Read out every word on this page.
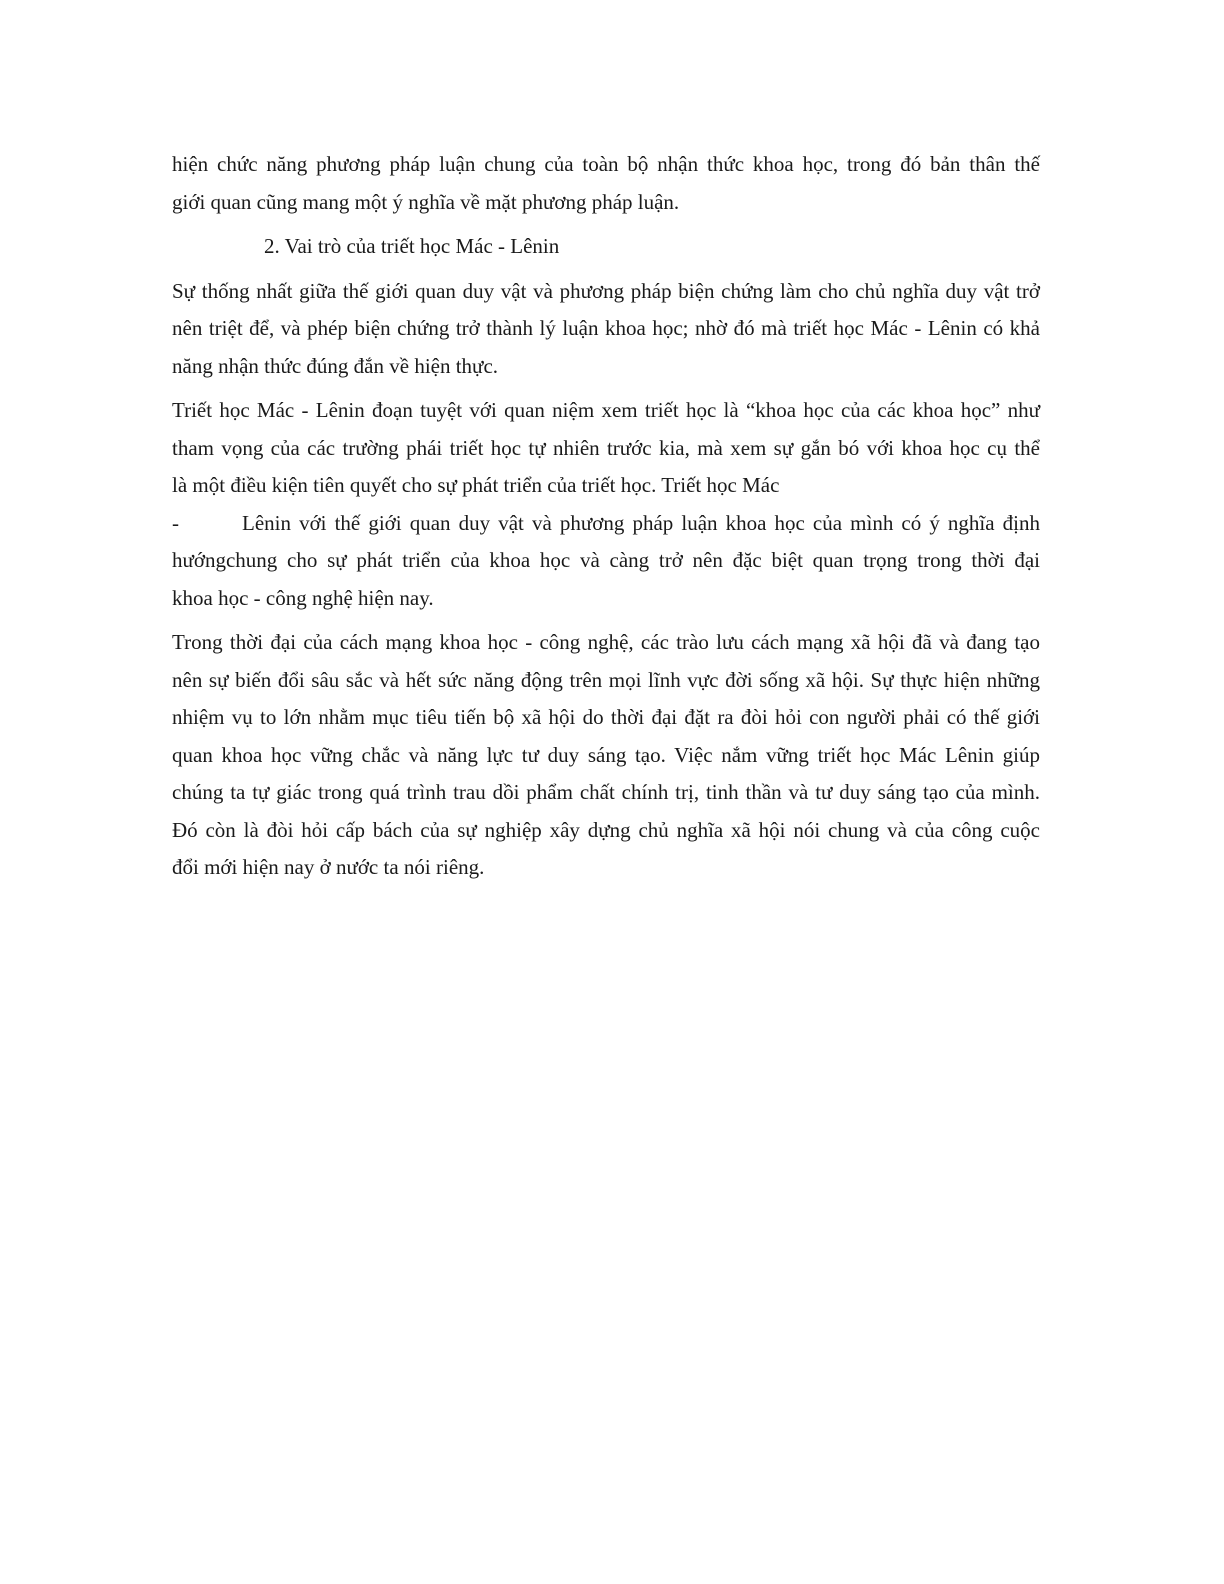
hiện chức năng phương pháp luận chung của toàn bộ nhận thức khoa học, trong đó bản thân thế
giới quan cũng mang một ý nghĩa về mặt phương pháp luận.
2. Vai trò của triết học Mác - Lênin
Sự thống nhất giữa thế giới quan duy vật và phương pháp biện chứng làm cho chủ nghĩa duy vật trở
nên triệt để, và phép biện chứng trở thành lý luận khoa học; nhờ đó mà triết học Mác - Lênin có khả
năng nhận thức đúng đắn về hiện thực.
Triết học Mác - Lênin đoạn tuyệt với quan niệm xem triết học là “khoa học của các khoa học” như
tham vọng của các trường phái triết học tự nhiên trước kia, mà xem sự gắn bó với khoa học cụ thể
là một điều kiện tiên quyết cho sự phát triển của triết học. Triết học Mác
-	Lênin với thế giới quan duy vật và phương pháp luận khoa học của mình có ý nghĩa định
hướngchung cho sự phát triển của khoa học và càng trở nên đặc biệt quan trọng trong thời đại
khoa học - công nghệ hiện nay.
Trong thời đại của cách mạng khoa học - công nghệ, các trào lưu cách mạng xã hội đã và đang tạo
nên sự biến đổi sâu sắc và hết sức năng động trên mọi lĩnh vực đời sống xã hội. Sự thực hiện những
nhiệm vụ to lớn nhằm mục tiêu tiến bộ xã hội do thời đại đặt ra đòi hỏi con người phải có thế giới
quan khoa học vững chắc và năng lực tư duy sáng tạo. Việc nắm vững triết học Mác Lênin giúp
chúng ta tự giác trong quá trình trau dồi phẩm chất chính trị, tinh thần và tư duy sáng tạo của mình.
Đó còn là đòi hỏi cấp bách của sự nghiệp xây dựng chủ nghĩa xã hội nói chung và của công cuộc
đổi mới hiện nay ở nước ta nói riêng.
